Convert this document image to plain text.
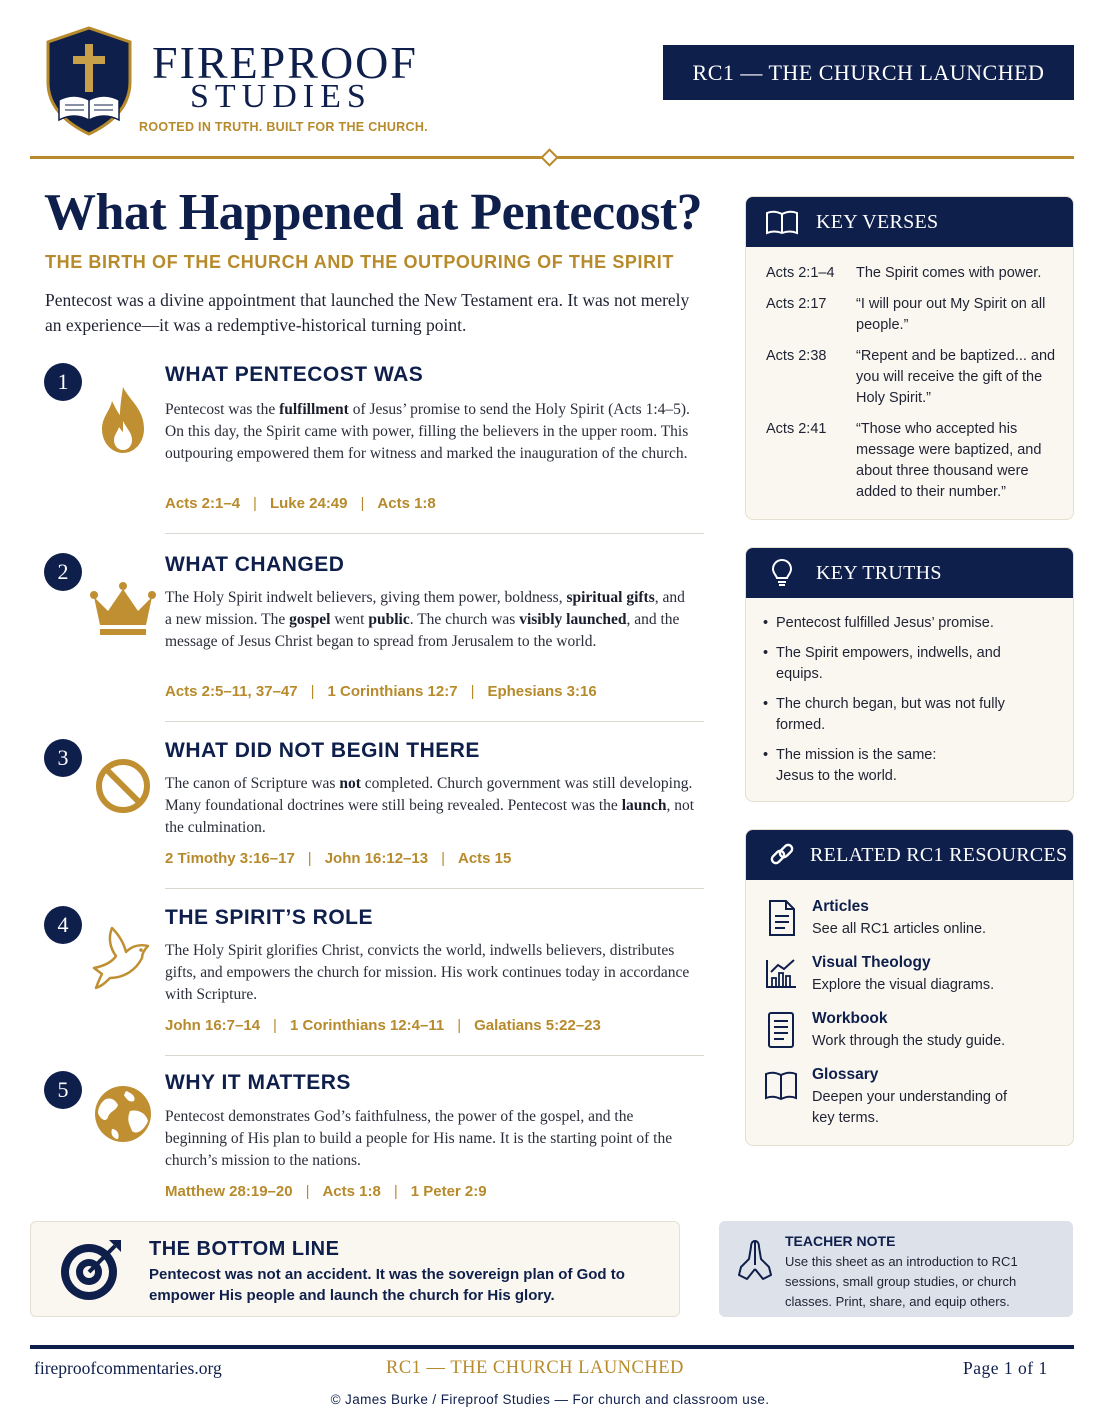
FIREPROOF
STUDIES
ROOTED IN TRUTH. BUILT FOR THE CHURCH.
RC1 — THE CHURCH LAUNCHED
What Happened at Pentecost?
THE BIRTH OF THE CHURCH AND THE OUTPOURING OF THE SPIRIT

Pentecost was a divine appointment that launched the New Testament era. It was not merely an experience—it was a redemptive-historical turning point.

1	WHAT PENTECOST WAS
Pentecost was the fulfillment of Jesus’ promise to send the Holy Spirit (Acts 1:4–5). On this day, the Spirit came with power, filling the believers in the upper room. This outpouring empowered them for witness and marked the inauguration of the church.
Acts 2:1–4 | Luke 24:49 | Acts 1:8
2	WHAT CHANGED
The Holy Spirit indwelt believers, giving them power, boldness, spiritual gifts, and a new mission. The gospel went public. The church was visibly launched, and the message of Jesus Christ began to spread from Jerusalem to the world.
Acts 2:5–11, 37–47 | 1 Corinthians 12:7 | Ephesians 3:16
3	WHAT DID NOT BEGIN THERE
The canon of Scripture was not completed. Church government was still developing. Many foundational doctrines were still being revealed. Pentecost was the launch, not the culmination.
2 Timothy 3:16–17 | John 16:12–13 | Acts 15
4	THE SPIRIT’S ROLE
The Holy Spirit glorifies Christ, convicts the world, indwells believers, distributes gifts, and empowers the church for mission. His work continues today in accordance with Scripture.
John 16:7–14 | 1 Corinthians 12:4–11 | Galatians 5:22–23
5	WHY IT MATTERS
Pentecost demonstrates God’s faithfulness, the power of the gospel, and the beginning of His plan to build a people for His name. It is the starting point of the church’s mission to the nations.
Matthew 28:19–20 | Acts 1:8 | 1 Peter 2:9
KEY VERSES
Acts 2:1–4	The Spirit comes with power.
Acts 2:17	“I will pour out My Spirit on all people.”
Acts 2:38	“Repent and be baptized... and you will receive the gift of the Holy Spirit.”
Acts 2:41	“Those who accepted his message were baptized, and about three thousand were added to their number.”
KEY TRUTHS
• Pentecost fulfilled Jesus’ promise.
• The Spirit empowers, indwells, and equips.
• The church began, but was not fully formed.
• The mission is the same: Jesus to the world.
RELATED RC1 RESOURCES
Articles
See all RC1 articles online.
Visual Theology
Explore the visual diagrams.
Workbook
Work through the study guide.
Glossary
Deepen your understanding of key terms.
THE BOTTOM LINE
Pentecost was not an accident. It was the sovereign plan of God to empower His people and launch the church for His glory.
TEACHER NOTE
Use this sheet as an introduction to RC1 sessions, small group studies, or church classes. Print, share, and equip others.
fireproofcommentaries.org	RC1 — THE CHURCH LAUNCHED	Page 1 of 1
© James Burke / Fireproof Studies — For church and classroom use.
